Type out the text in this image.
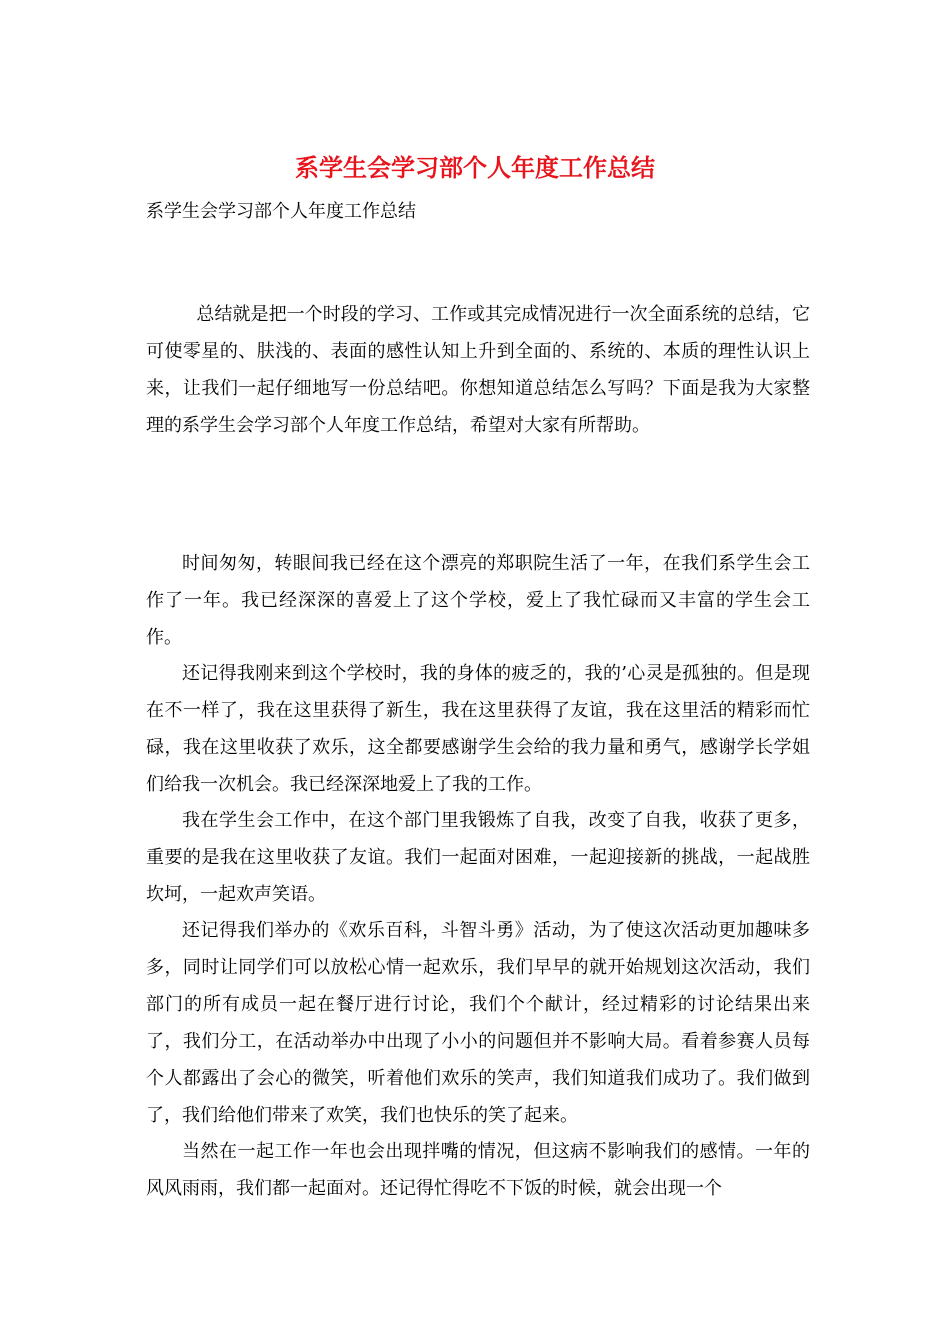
系学生会学习部个人年度工作总结

系学生会学习部个人年度工作总结

总结就是把一个时段的学习、工作或其完成情况进行一次全面系统的总结，它可使零星的、肤浅的、表面的感性认知上升到全面的、系统的、本质的理性认识上来，让我们一起仔细地写一份总结吧。你想知道总结怎么写吗？下面是我为大家整理的系学生会学习部个人年度工作总结，希望对大家有所帮助。

时间匆匆，转眼间我已经在这个漂亮的郑职院生活了一年，在我们系学生会工作了一年。我已经深深的喜爱上了这个学校，爱上了我忙碌而又丰富的学生会工作。

还记得我刚来到这个学校时，我的身体的疲乏的，我的’心灵是孤独的。但是现在不一样了，我在这里获得了新生，我在这里获得了友谊，我在这里活的精彩而忙碌，我在这里收获了欢乐，这全都要感谢学生会给的我力量和勇气，感谢学长学姐们给我一次机会。我已经深深地爱上了我的工作。

我在学生会工作中，在这个部门里我锻炼了自我，改变了自我，收获了更多，重要的是我在这里收获了友谊。我们一起面对困难，一起迎接新的挑战，一起战胜坎坷，一起欢声笑语。

还记得我们举办的《欢乐百科，斗智斗勇》活动，为了使这次活动更加趣味多多，同时让同学们可以放松心情一起欢乐，我们早早的就开始规划这次活动，我们部门的所有成员一起在餐厅进行讨论，我们个个献计，经过精彩的讨论结果出来了，我们分工，在活动举办中出现了小小的问题但并不影响大局。看着参赛人员每个人都露出了会心的微笑，听着他们欢乐的笑声，我们知道我们成功了。我们做到了，我们给他们带来了欢笑，我们也快乐的笑了起来。

当然在一起工作一年也会出现拌嘴的情况，但这病不影响我们的感情。一年的风风雨雨，我们都一起面对。还记得忙得吃不下饭的时候，就会出现一个
